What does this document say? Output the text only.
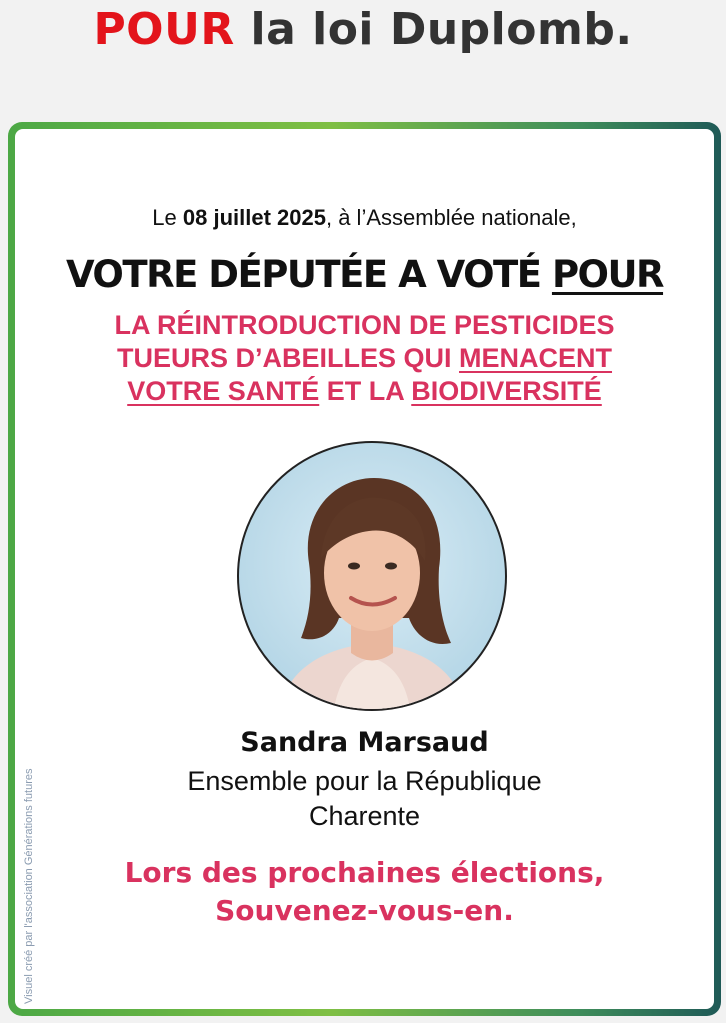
POUR la loi Duplomb.
Visuel créé par l'association Générations futures
Le 08 juillet 2025, à l’Assemblée nationale,
VOTRE DÉPUTÉE A VOTÉ POUR
LA RÉINTRODUCTION DE PESTICIDES
TUEURS D’ABEILLES QUI MENACENT
VOTRE SANTÉ ET LA BIODIVERSITÉ
Sandra Marsaud
Ensemble pour la République
Charente
Lors des prochaines élections,
Souvenez-vous-en.
